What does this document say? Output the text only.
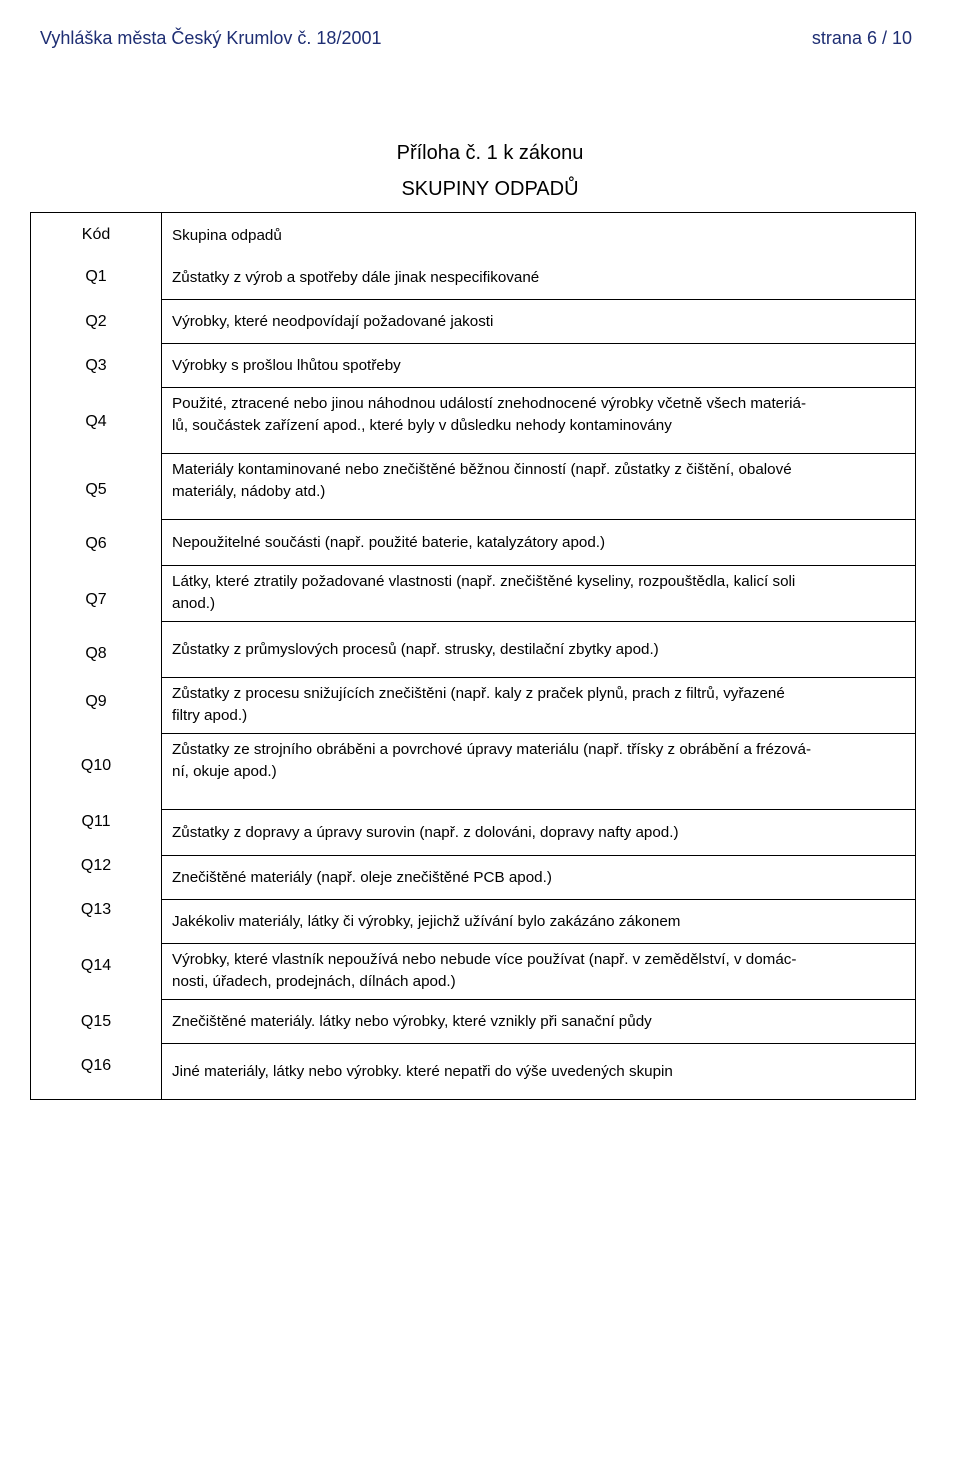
Vyhláška města Český Krumlov č. 18/2001	strana 6 / 10
Příloha č. 1 k zákonu
SKUPINY ODPADŮ
Kód
Q1
Q2
Q3
Q4
Q5
Q6
Q7
Q8
Q9
Q10
Q11
Q12
Q13
Q14
Q15
Q16
Skupina odpadů
Zůstatky z výrob a spotřeby dále jinak nespecifikované
Výrobky, které neodpovídají požadované jakosti
Výrobky s prošlou lhůtou spotřeby
Použité, ztracené nebo jinou náhodnou událostí znehodnocené výrobky včetně všech materiá-
lů, součástek zařízení apod., které byly v důsledku nehody kontaminovány
Materiály kontaminované nebo znečištěné běžnou činností (např. zůstatky z čištění, obalové
materiály, nádoby atd.)
Nepoužitelné součásti (např. použité baterie, katalyzátory apod.)
Látky, které ztratily požadované vlastnosti (např. znečištěné kyseliny, rozpouštědla, kalicí soli
anod.)
Zůstatky z průmyslových procesů (např. strusky, destilační zbytky apod.)
Zůstatky z procesu snižujících znečištěni (např. kaly z praček plynů, prach z filtrů, vyřazené
filtry apod.)
Zůstatky ze strojního obráběni a povrchové úpravy materiálu (např. třísky z obrábění a frézová-
ní, okuje apod.)
Zůstatky z dopravy a úpravy surovin (např. z dolováni, dopravy nafty apod.)
Znečištěné materiály (např. oleje znečištěné PCB apod.)
Jakékoliv materiály, látky či výrobky, jejichž užívání bylo zakázáno zákonem
Výrobky, které vlastník nepoužívá nebo nebude více používat (např. v zemědělství, v domác-
nosti, úřadech, prodejnách, dílnách apod.)
Znečištěné materiály. látky nebo výrobky, které vznikly při sanační půdy
Jiné materiály, látky nebo výrobky. které nepatři do výše uvedených skupin
